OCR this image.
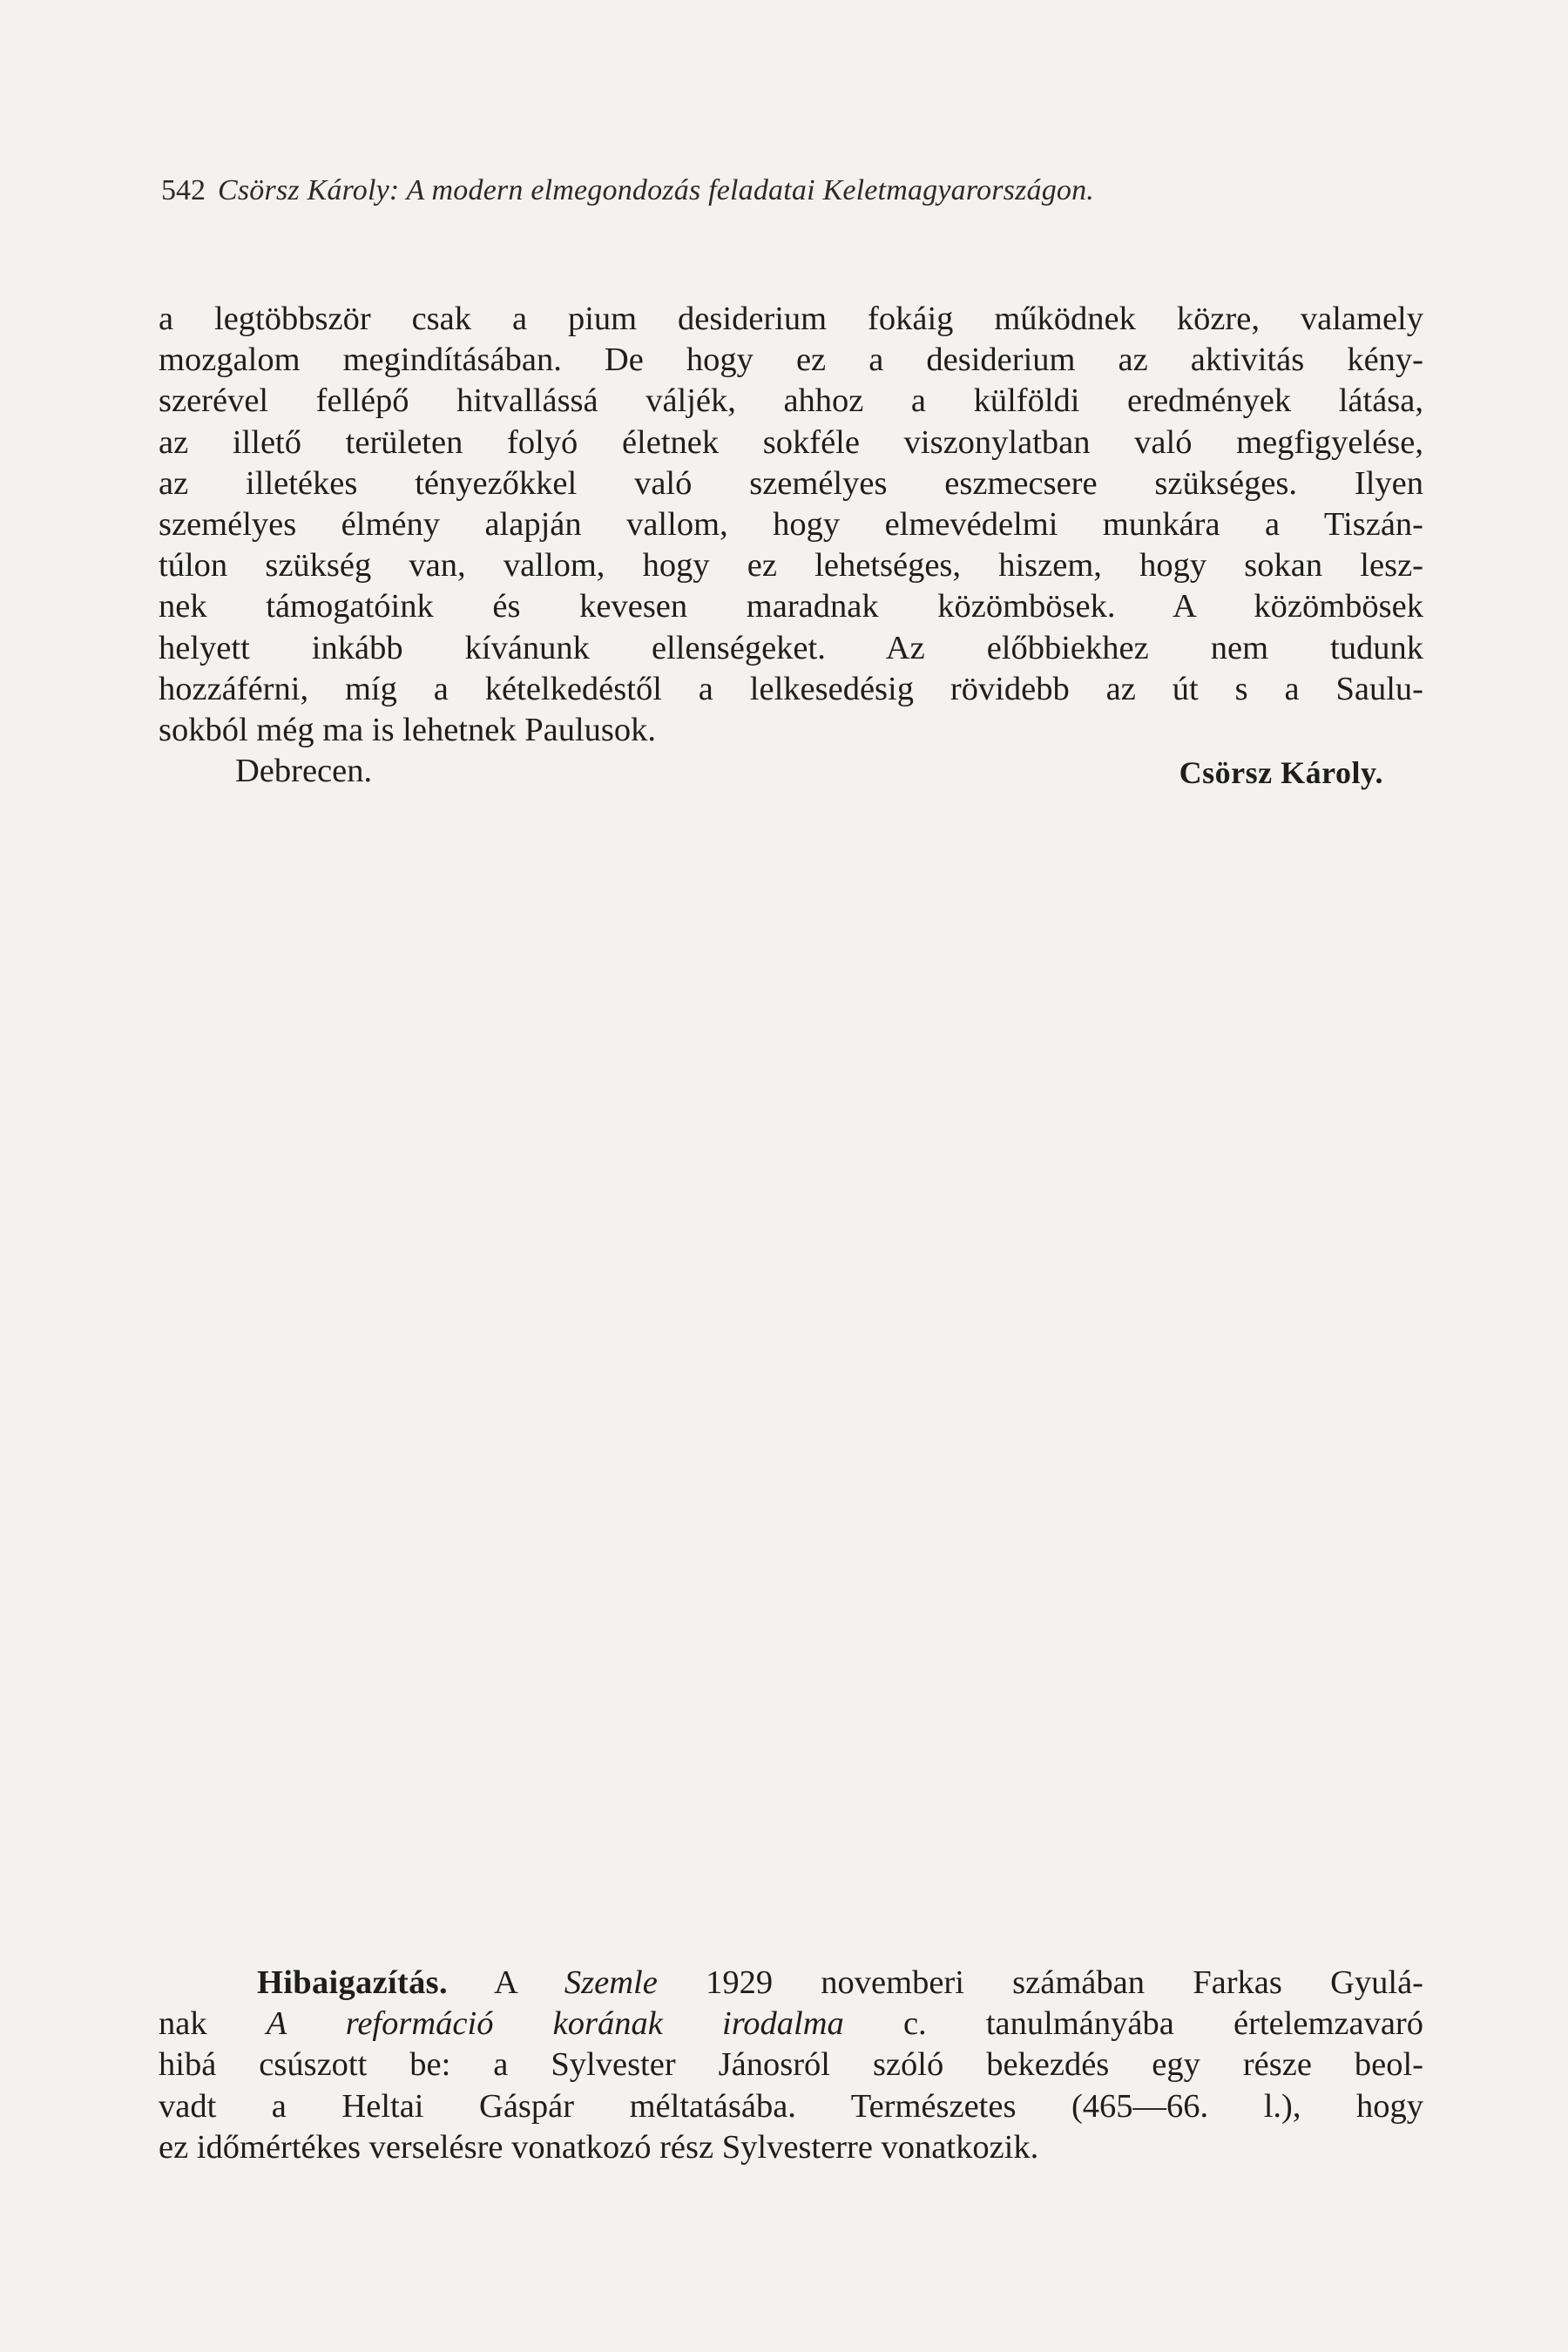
542 Csörsz Károly: A modern elmegondozás feladatai Keletmagyarországon.
a legtöbbször csak a pium desiderium fokáig működnek közre, valamely
mozgalom megindításában. De hogy ez a desiderium az aktivitás kény-
szerével fellépő hitvallássá váljék, ahhoz a külföldi eredmények látása,
az illető területen folyó életnek sokféle viszonylatban való megfigyelése,
az illetékes tényezőkkel való személyes eszmecsere szükséges. Ilyen
személyes élmény alapján vallom, hogy elmevédelmi munkára a Tiszán-
túlon szükség van, vallom, hogy ez lehetséges, hiszem, hogy sokan lesz-
nek támogatóink és kevesen maradnak közömbösek. A közömbösek
helyett inkább kívánunk ellenségeket. Az előbbiekhez nem tudunk
hozzáférni, míg a kételkedéstől a lelkesedésig rövidebb az út s a Saulu-
sokból még ma is lehetnek Paulusok.
Debrecen.	Csörsz Károly.
Hibaigazítás. A Szemle 1929 novemberi számában Farkas Gyulá-
nak A reformáció korának irodalma c. tanulmányába értelemzavaró
hibá csúszott be: a Sylvester Jánosról szóló bekezdés egy része beol-
vadt a Heltai Gáspár méltatásába. Természetes (465—66. l.), hogy
ez időmértékes verselésre vonatkozó rész Sylvesterre vonatkozik.
